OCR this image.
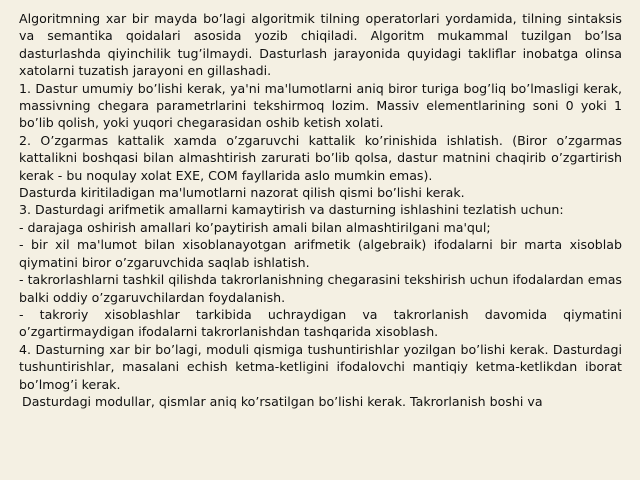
Algoritmning xar bir mayda bo’lagi algoritmik tilning operatorlari yordamida, tilning sintaksis va semantika qoidalari asosida yozib chiqiladi. Algoritm mukammal tuzilgan bo’lsa dasturlashda qiyinchilik tug’ilmaydi. Dasturlash jarayonida quyidagi takliflar inobatga olinsa xatolarni tuzatish jarayoni en gillashadi.

1. Dastur umumiy bo’lishi kerak, ya'ni ma'lumotlarni aniq biror turiga bog’liq bo’lmasligi kerak, massivning chegara parametrlarini tekshirmoq lozim. Massiv elementlarining soni 0 yoki 1 bo’lib qolish, yoki yuqori chegarasidan oshib ketish xolati.

2. O’zgarmas kattalik xamda o’zgaruvchi kattalik ko’rinishida ishlatish. (Biror o’zgarmas kattalikni boshqasi bilan almashtirish zarurati bo’lib qolsa, dastur matnini chaqirib o’zgartirish kerak - bu noqulay xolat EXE, COM fayllarida aslo mumkin emas).

Dasturda kiritiladigan ma'lumotlarni nazorat qilish qismi bo’lishi kerak.

3. Dasturdagi arifmetik amallarni kamaytirish va dasturning ishlashini tezlatish uchun:

- darajaga oshirish amallari ko’paytirish amali bilan almashtirilgani ma'qul;

- bir xil ma'lumot bilan xisoblanayotgan arifmetik (algebraik) ifodalarni bir marta xisoblab qiymatini biror o’zgaruvchida saqlab ishlatish.

- takrorlashlarni tashkil qilishda takrorlanishning chegarasini tekshirish uchun ifodalardan emas balki oddiy o’zgaruvchilardan foydalanish.

- takroriy xisoblashlar tarkibida uchraydigan va takrorlanish davomida qiymatini o’zgartirmaydigan ifodalarni takrorlanishdan tashqarida xisoblash.

4. Dasturning xar bir bo’lagi, moduli qismiga tushuntirishlar yozilgan bo’lishi kerak. Dasturdagi tushuntirishlar, masalani echish ketma-ketligini ifodalovchi mantiqiy ketma-ketlikdan iborat bo’lmog’i kerak.

Dasturdagi modullar, qismlar aniq ko’rsatilgan bo’lishi kerak. Takrorlanish boshi va
